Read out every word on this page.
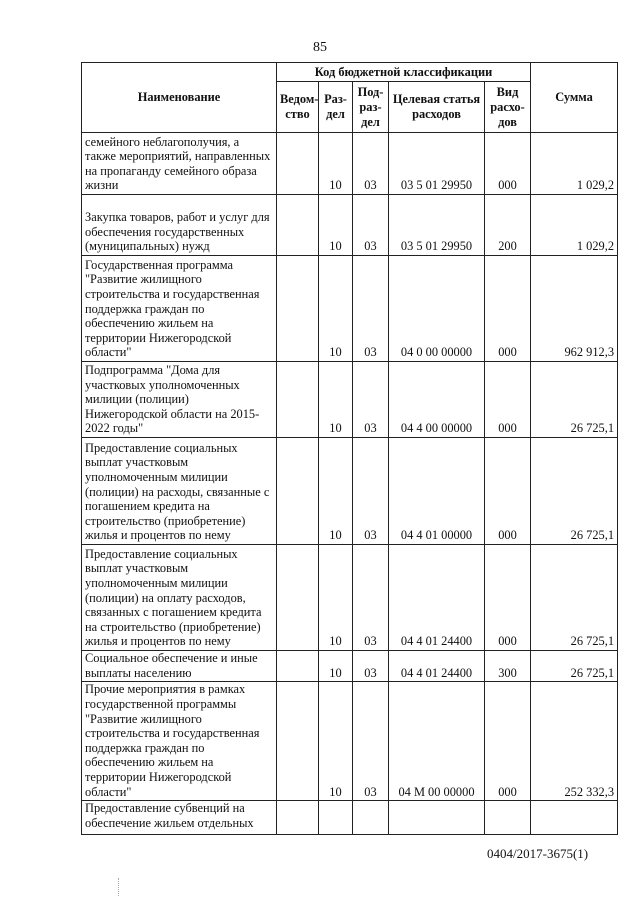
85
Наименование	Код бюджетной классификации					Сумма
	Ведом-ство	Раз-дел	Под-раз-дел	Целевая статья расходов	Вид расхо-дов	
семейного неблагополучия, а также мероприятий, направленных на пропаганду семейного образа жизни		10	03	03 5 01 29950	000	1 029,2
Закупка товаров, работ и услуг для обеспечения государственных (муниципальных) нужд		10	03	03 5 01 29950	200	1 029,2
Государственная программа "Развитие жилищного строительства и государственная поддержка граждан по обеспечению жильем на территории Нижегородской области"		10	03	04 0 00 00000	000	962 912,3
Подпрограмма "Дома для участковых уполномоченных милиции (полиции) Нижегородской области на 2015-2022 годы"		10	03	04 4 00 00000	000	26 725,1
Предоставление социальных выплат участковым уполномоченным милиции (полиции) на расходы, связанные с погашением кредита на строительство (приобретение) жилья и процентов по нему		10	03	04 4 01 00000	000	26 725,1
Предоставление социальных выплат участковым уполномоченным милиции (полиции) на оплату расходов, связанных с погашением кредита на строительство (приобретение) жилья и процентов по нему		10	03	04 4 01 24400	000	26 725,1
Социальное обеспечение и иные выплаты населению		10	03	04 4 01 24400	300	26 725,1
Прочие мероприятия в рамках государственной программы "Развитие жилищного строительства и государственная поддержка граждан по обеспечению жильем на территории Нижегородской области"		10	03	04 М 00 00000	000	252 332,3
Предоставление субвенций на обеспечение жильем отдельных						
0404/2017-3675(1)
